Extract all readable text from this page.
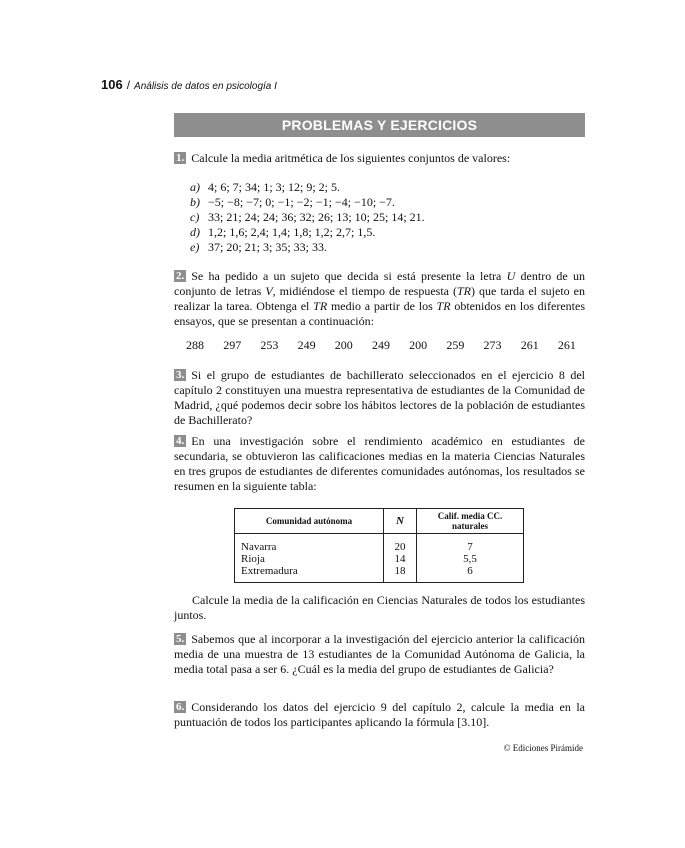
106 / Análisis de datos en psicología I
PROBLEMAS Y EJERCICIOS
1. Calcule la media aritmética de los siguientes conjuntos de valores:
a) 4; 6; 7; 34; 1; 3; 12; 9; 2; 5.
b) −5; −8; −7; 0; −1; −2; −1; −4; −10; −7.
c) 33; 21; 24; 24; 36; 32; 26; 13; 10; 25; 14; 21.
d) 1,2; 1,6; 2,4; 1,4; 1,8; 1,2; 2,7; 1,5.
e) 37; 20; 21; 3; 35; 33; 33.
2. Se ha pedido a un sujeto que decida si está presente la letra U dentro de un conjunto de letras V, midiéndose el tiempo de respuesta (TR) que tarda el sujeto en realizar la tarea. Obtenga el TR medio a partir de los TR obtenidos en los diferentes ensayos, que se presentan a continuación:
288 297 253 249 200 249 200 259 273 261 261
3. Si el grupo de estudiantes de bachillerato seleccionados en el ejercicio 8 del capítulo 2 constituyen una muestra representativa de estudiantes de la Comunidad de Madrid, ¿qué podemos decir sobre los hábitos lectores de la población de estudiantes de Bachillerato?
4. En una investigación sobre el rendimiento académico en estudiantes de secundaria, se obtuvieron las calificaciones medias en la materia Ciencias Naturales en tres grupos de estudiantes de diferentes comunidades autónomas, los resultados se resumen en la siguiente tabla:
Comunidad autónoma	N	Calif. media CC. naturales
Navarra	20	7
Rioja	14	5,5
Extremadura	18	6
Calcule la media de la calificación en Ciencias Naturales de todos los estudiantes juntos.
5. Sabemos que al incorporar a la investigación del ejercicio anterior la calificación media de una muestra de 13 estudiantes de la Comunidad Autónoma de Galicia, la media total pasa a ser 6. ¿Cuál es la media del grupo de estudiantes de Galicia?
6. Considerando los datos del ejercicio 9 del capítulo 2, calcule la media en la puntuación de todos los participantes aplicando la fórmula [3.10].
© Ediciones Pirámide
